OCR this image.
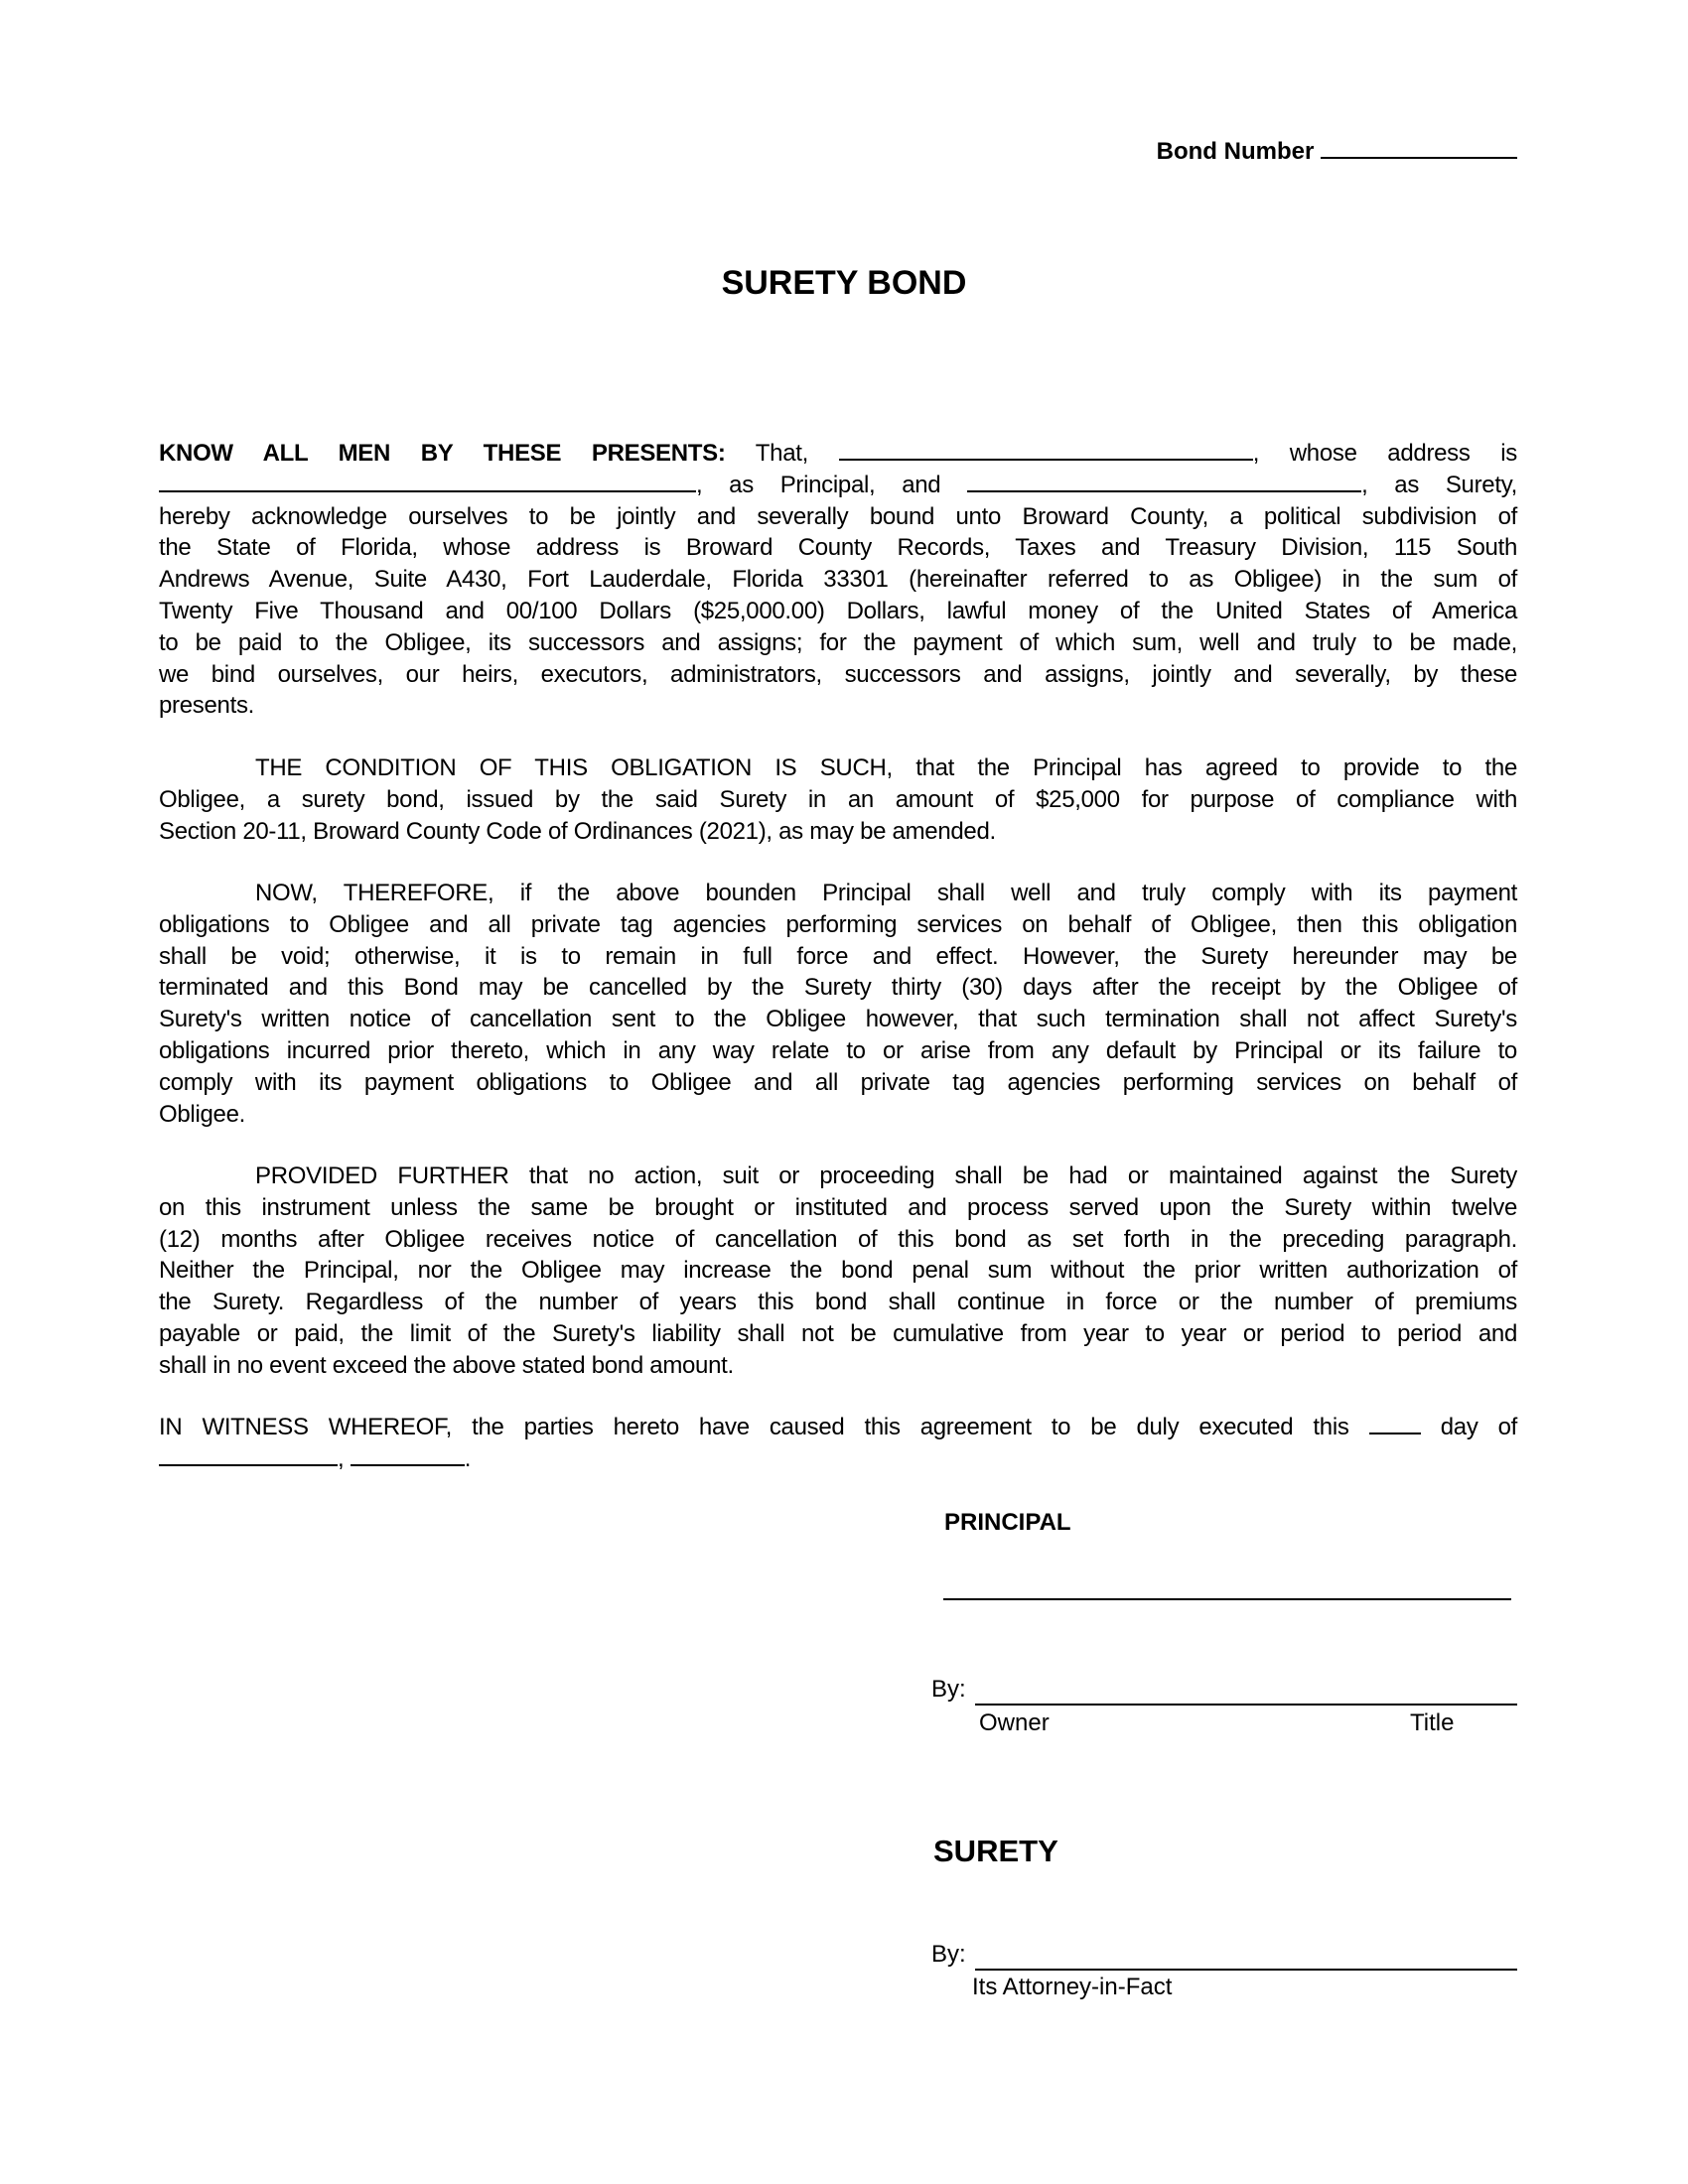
Bond Number
SURETY BOND
KNOW ALL MEN BY THESE PRESENTS: That,	, whose address is
, as Principal, and	, as Surety,
hereby acknowledge ourselves to be jointly and severally bound unto Broward County, a political subdivision of
the State of Florida, whose address is Broward County Records, Taxes and Treasury Division, 115 South
Andrews Avenue, Suite A430, Fort Lauderdale, Florida 33301 (hereinafter referred to as Obligee) in the sum of
Twenty Five Thousand and 00/100 Dollars ($25,000.00) Dollars, lawful money of the United States of America
to be paid to the Obligee, its successors and assigns; for the payment of which sum, well and truly to be made,
we bind ourselves, our heirs, executors, administrators, successors and assigns, jointly and severally, by these
presents.
THE CONDITION OF THIS OBLIGATION IS SUCH, that the Principal has agreed to provide to the
Obligee, a surety bond, issued by the said Surety in an amount of $25,000 for purpose of compliance with
Section 20-11, Broward County Code of Ordinances (2021), as may be amended.
NOW, THEREFORE, if the above bounden Principal shall well and truly comply with its payment
obligations to Obligee and all private tag agencies performing services on behalf of Obligee, then this obligation
shall be void; otherwise, it is to remain in full force and effect. However, the Surety hereunder may be
terminated and this Bond may be cancelled by the Surety thirty (30) days after the receipt by the Obligee of
Surety's written notice of cancellation sent to the Obligee however, that such termination shall not affect Surety's
obligations incurred prior thereto, which in any way relate to or arise from any default by Principal or its failure to
comply with its payment obligations to Obligee and all private tag agencies performing services on behalf of
Obligee.
PROVIDED FURTHER that no action, suit or proceeding shall be had or maintained against the Surety
on this instrument unless the same be brought or instituted and process served upon the Surety within twelve
(12) months after Obligee receives notice of cancellation of this bond as set forth in the preceding paragraph.
Neither the Principal, nor the Obligee may increase the bond penal sum without the prior written authorization of
the Surety. Regardless of the number of years this bond shall continue in force or the number of premiums
payable or paid, the limit of the Surety's liability shall not be cumulative from year to year or period to period and
shall in no event exceed the above stated bond amount.
IN WITNESS WHEREOF, the parties hereto have caused this agreement to be duly executed this	day of
,	.
PRINCIPAL
By:
Owner	Title
SURETY
By:
Its Attorney-in-Fact
